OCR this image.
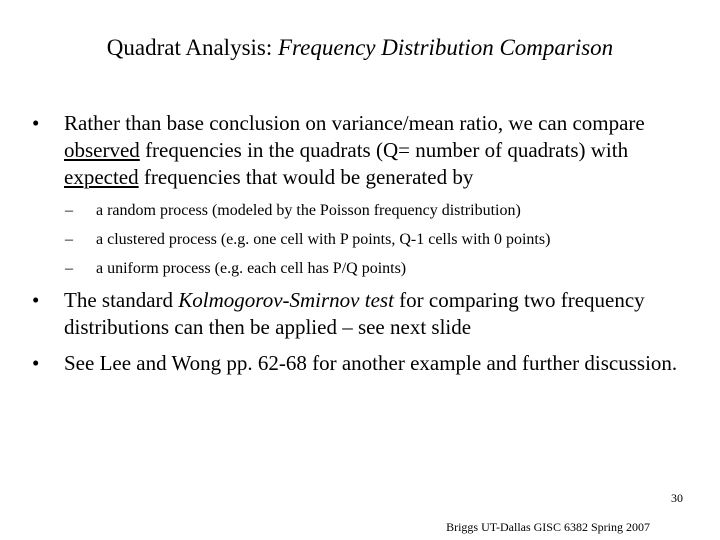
Quadrat Analysis: Frequency Distribution Comparison
•	Rather than base conclusion on variance/mean ratio, we can compare observed frequencies in the quadrats (Q= number of quadrats) with expected frequencies that would be generated by
– a random process (modeled by the Poisson frequency distribution)
– a clustered process (e.g. one cell with P points, Q-1 cells with 0 points)
– a uniform process (e.g. each cell has P/Q points)
•	The standard Kolmogorov-Smirnov test for comparing two frequency distributions can then be applied – see next slide
•	See Lee and Wong pp. 62-68 for another example and further discussion.
30
Briggs UT-Dallas GISC 6382 Spring 2007
